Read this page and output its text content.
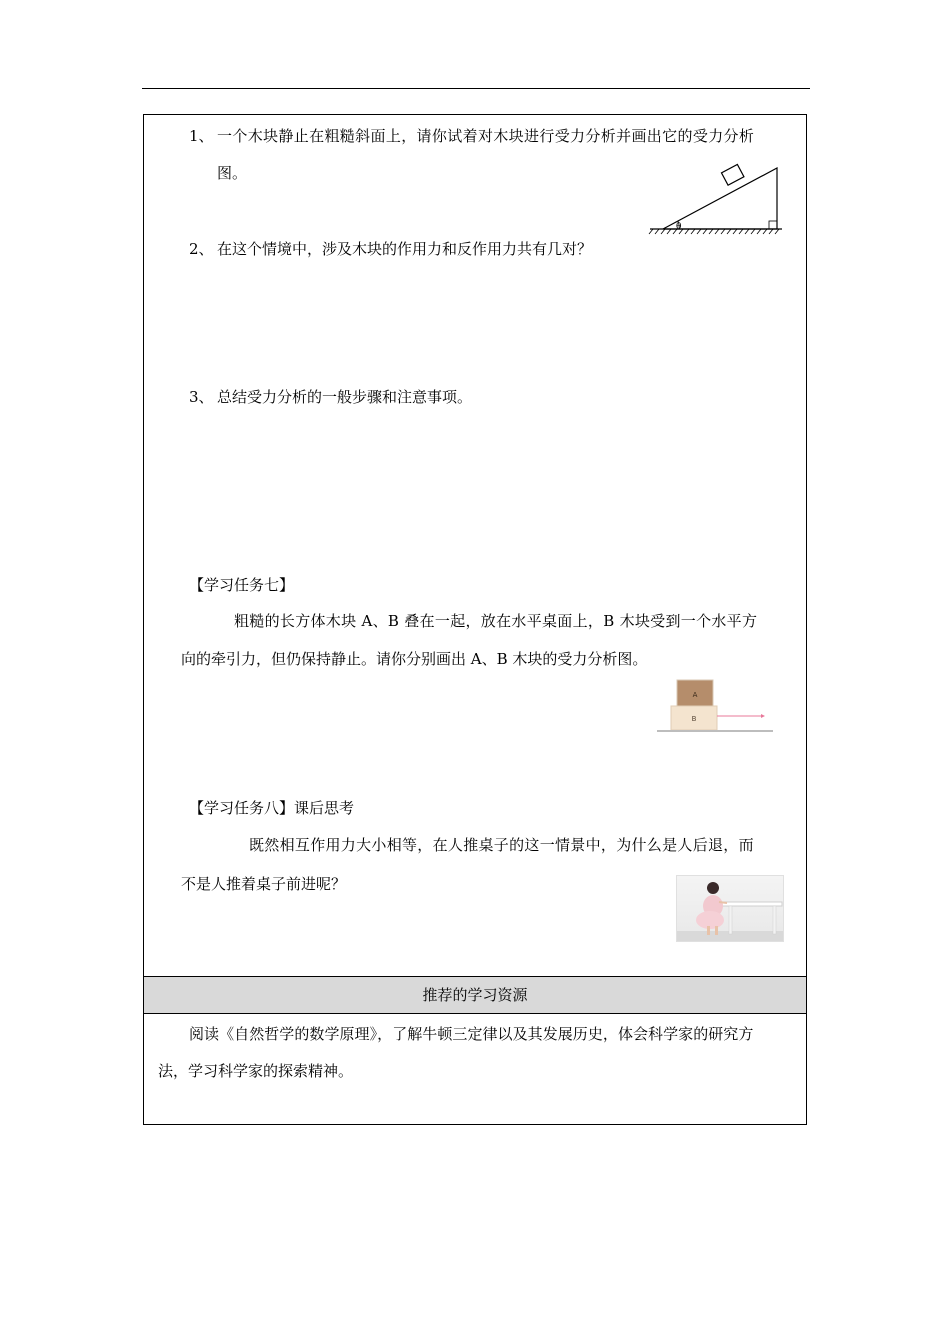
1、 一个木块静止在粗糙斜面上，请你试着对木块进行受力分析并画出它的受力分析
图。
θ
2、 在这个情境中，涉及木块的作用力和反作用力共有几对？
3、 总结受力分析的一般步骤和注意事项。
【学习任务七】
粗糙的长方体木块 A、B 叠在一起，放在水平桌面上，B 木块受到一个水平方
向的牵引力，但仍保持静止。请你分别画出 A、B 木块的受力分析图。
A
B
【学习任务八】课后思考
既然相互作用力大小相等，在人推桌子的这一情景中，为什么是人后退，而
不是人推着桌子前进呢？
推荐的学习资源
阅读《自然哲学的数学原理》，了解牛顿三定律以及其发展历史，体会科学家的研究方
法，学习科学家的探索精神。
